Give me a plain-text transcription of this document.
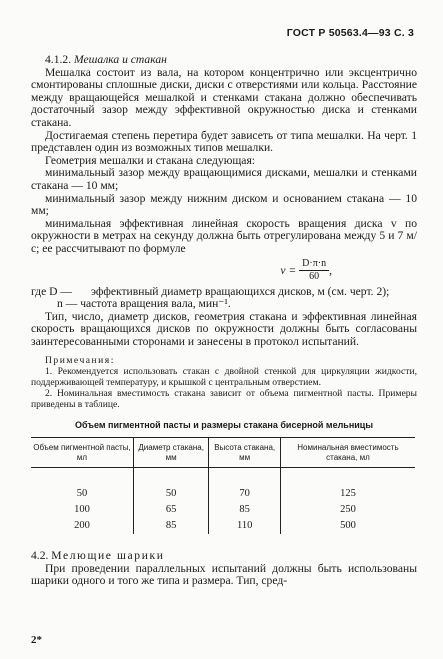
ГОСТ Р 50563.4—93 С. 3

4.1.2. Мешалка и стакан

Мешалка состоит из вала, на котором концентрично или эксцентрично смонтированы сплошные диски, диски с отверстиями или кольца. Расстояние между вращающейся мешалкой и стенками стакана должно обеспечивать достаточный зазор между эффективной окружностью диска и стенками стакана.

Достигаемая степень перетира будет зависеть от типа мешалки. На черт. 1 представлен один из возможных типов мешалки.

Геометрия мешалки и стакана следующая:

минимальный зазор между вращающимися дисками, мешалки и стенками стакана — 10 мм;

минимальный зазор между нижним диском и основанием стакана — 10 мм;

минимальная эффективная линейная скорость вращения диска v по окружности в метрах на секунду должна быть отрегулирована между 5 и 7 м/с; ее рассчитывают по формуле

$v = \frac{D\cdot\pi\cdot n}{60}$ ,

где D — эффективный диаметр вращающихся дисков, м (см. черт. 2);

n — частота вращения вала, мин⁻¹.

Тип, число, диаметр дисков, геометрия стакана и эффективная линейная скорость вращающихся дисков по окружности должны быть согласованы заинтересованными сторонами и занесены в протокол испытаний.

Примечания:

1. Рекомендуется использовать стакан с двойной стенкой для циркуляции жидкости, поддерживающей температуру, и крышкой с центральным отверстием.

2. Номинальная вместимость стакана зависит от объема пигментной пасты. Примеры приведены в таблице.

Объем пигментной пасты и размеры стакана бисерной мельницы

Объем пигментной пасты, мл	Диаметр стакана, мм	Высота стакана, мм	Номинальная вместимость стакана, мл
50	50	70	125
100	65	85	250
200	85	110	500

4.2. Мелющие шарики

При проведении параллельных испытаний должны быть использованы шарики одного и того же типа и размера. Тип, сред-

2*
